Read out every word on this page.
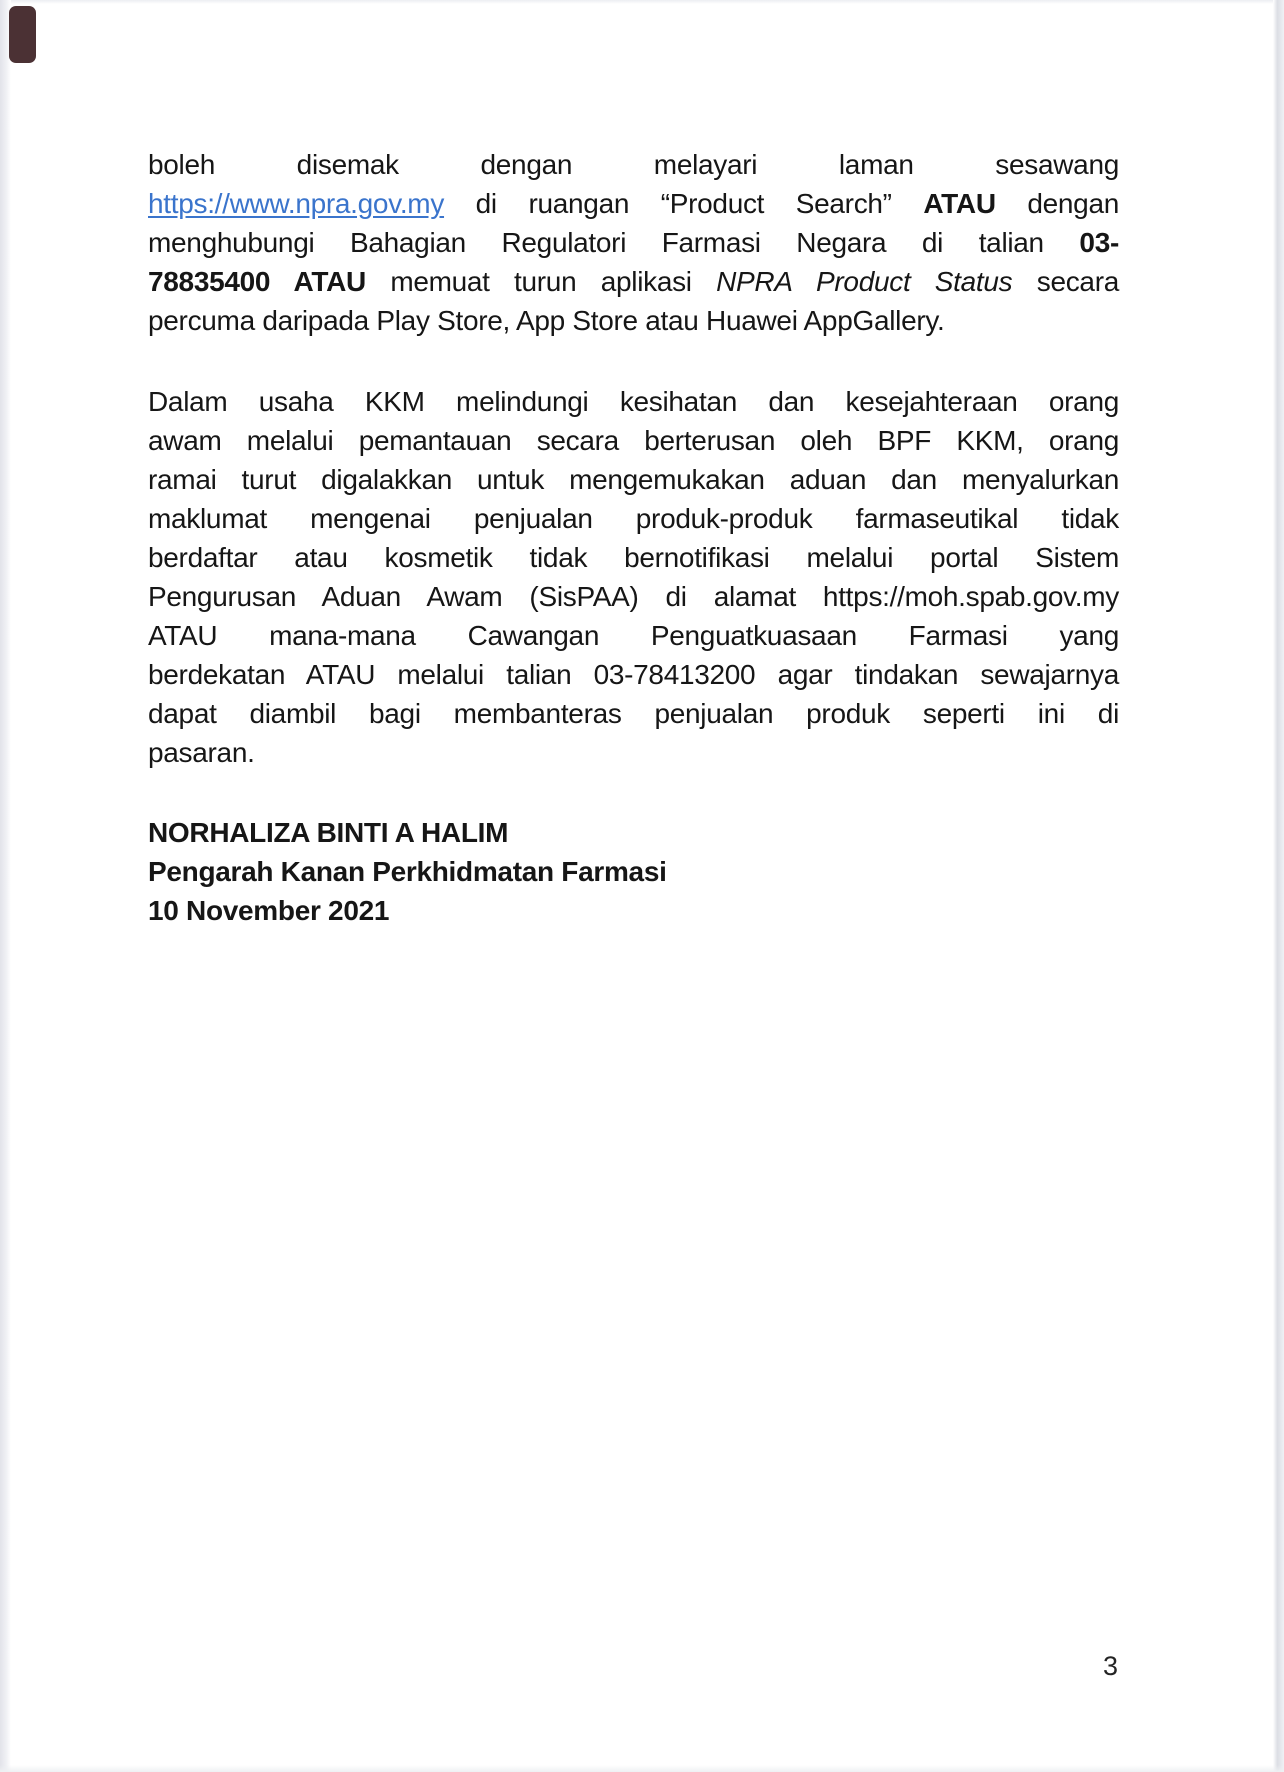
boleh disemak dengan melayari laman sesawang
https://www.npra.gov.my di ruangan “Product Search” ATAU dengan
menghubungi Bahagian Regulatori Farmasi Negara di talian 03-
78835400 ATAU memuat turun aplikasi NPRA Product Status secara
percuma daripada Play Store, App Store atau Huawei AppGallery.
Dalam usaha KKM melindungi kesihatan dan kesejahteraan orang
awam melalui pemantauan secara berterusan oleh BPF KKM, orang
ramai turut digalakkan untuk mengemukakan aduan dan menyalurkan
maklumat mengenai penjualan produk-produk farmaseutikal tidak
berdaftar atau kosmetik tidak bernotifikasi melalui portal Sistem
Pengurusan Aduan Awam (SisPAA) di alamat https://moh.spab.gov.my
ATAU mana-mana Cawangan Penguatkuasaan Farmasi yang
berdekatan ATAU melalui talian 03-78413200 agar tindakan sewajarnya
dapat diambil bagi membanteras penjualan produk seperti ini di
pasaran.
NORHALIZA BINTI A HALIM
Pengarah Kanan Perkhidmatan Farmasi
10 November 2021
3
